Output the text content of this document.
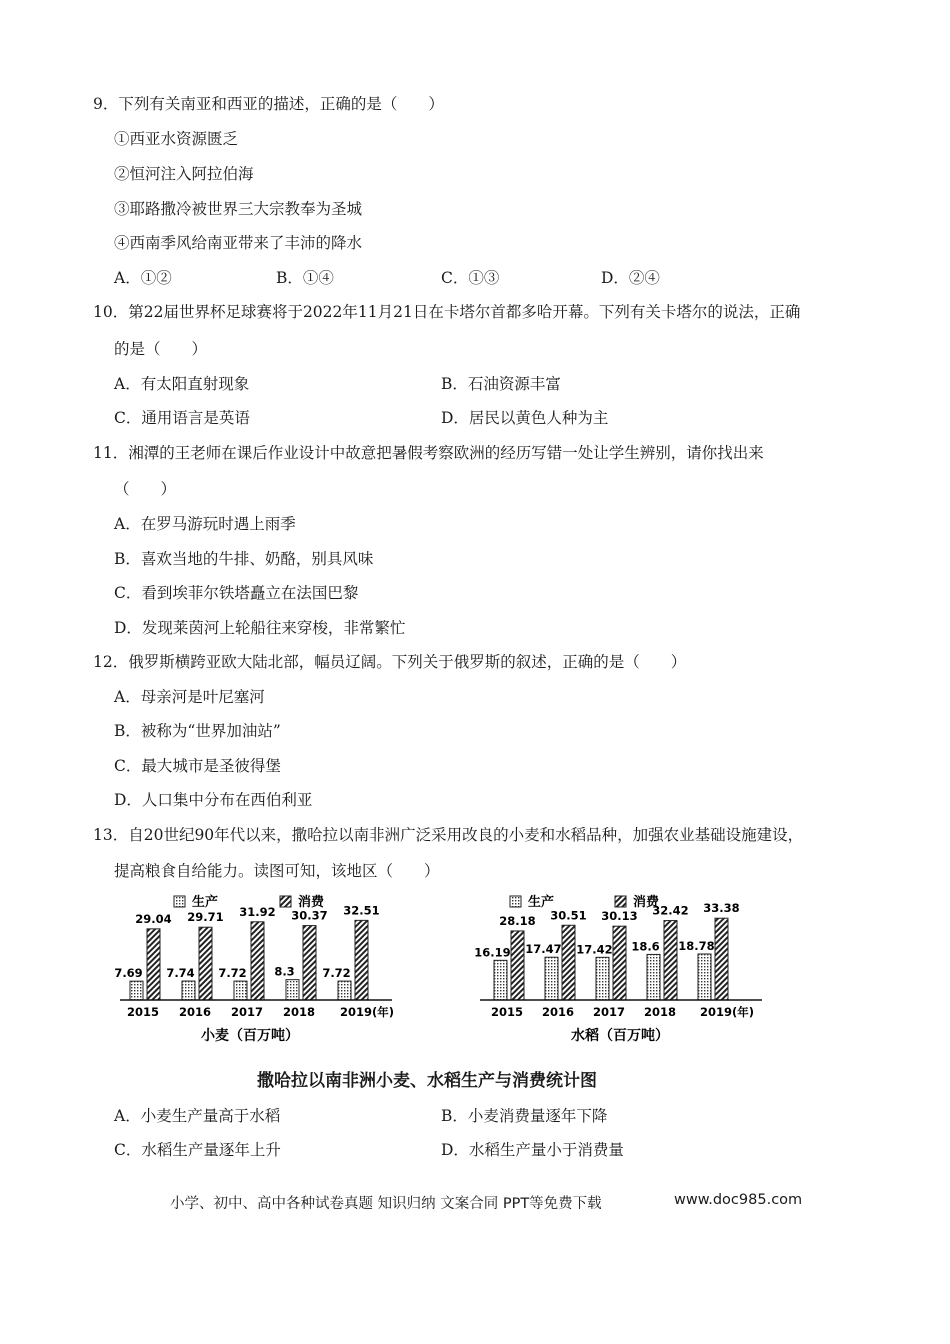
9．下列有关南亚和西亚的描述，正确的是（　　）
①西亚水资源匮乏
②恒河注入阿拉伯海
③耶路撒冷被世界三大宗教奉为圣城
④西南季风给南亚带来了丰沛的降水
A．①②	B．①④	C．①③	D．②④
10．第22届世界杯足球赛将于2022年11月21日在卡塔尔首都多哈开幕。下列有关卡塔尔的说法，正确
的是（　　）
A．有太阳直射现象	B．石油资源丰富
C．通用语言是英语	D．居民以黄色人种为主
11．湘潭的王老师在课后作业设计中故意把暑假考察欧洲的经历写错一处让学生辨别，请你找出来
（　　）
A．在罗马游玩时遇上雨季
B．喜欢当地的牛排、奶酪，别具风味
C．看到埃菲尔铁塔矗立在法国巴黎
D．发现莱茵河上轮船往来穿梭，非常繁忙
12．俄罗斯横跨亚欧大陆北部，幅员辽阔。下列关于俄罗斯的叙述，正确的是（　　）
A．母亲河是叶尼塞河
B．被称为“世界加油站”
C．最大城市是圣彼得堡
D．人口集中分布在西伯利亚
13．自20世纪90年代以来，撒哈拉以南非洲广泛采用改良的小麦和水稻品种，加强农业基础设施建设，
提高粮食自给能力。读图可知，该地区（　　）
生产	消费
7.69
29.04
2015
7.74
29.71
2016
7.72
31.92
2017
8.3
30.37
2018
7.72
32.51
2019(年)
小麦（百万吨）
生产	消费
16.19
28.18
2015
17.47
30.51
2016
17.42
30.13
2017
18.6
32.42
2018
18.78
33.38
2019(年)
水稻（百万吨）
撒哈拉以南非洲小麦、水稻生产与消费统计图
A．小麦生产量高于水稻	B．小麦消费量逐年下降
C．水稻生产量逐年上升	D．水稻生产量小于消费量
小学、初中、高中各种试卷真题 知识归纳 文案合同 PPT等免费下载	www.doc985.com
